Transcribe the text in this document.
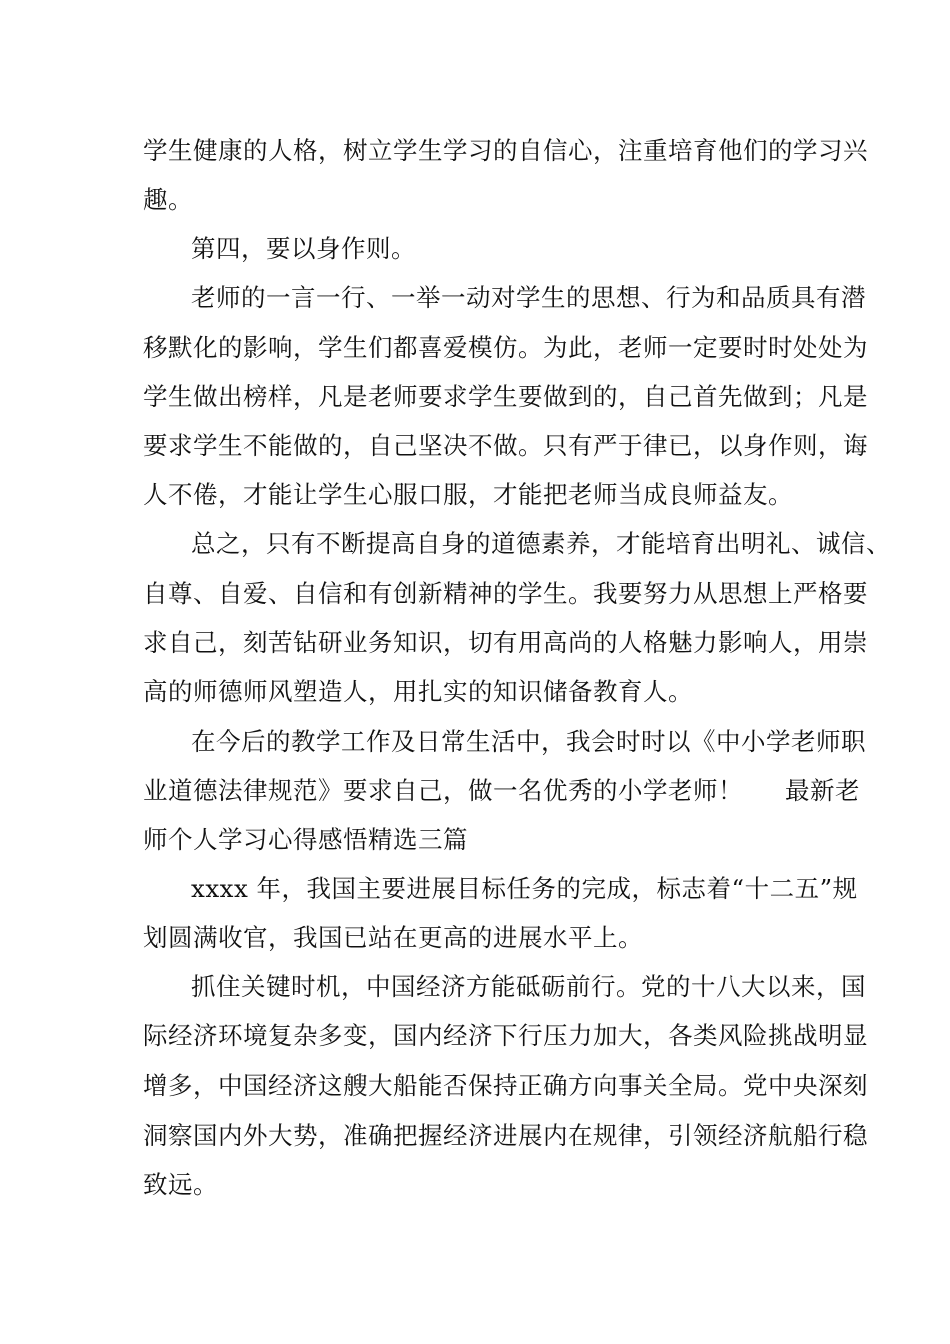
学生健康的人格，树立学生学习的自信心，注重培育他们的学习兴
趣。
第四，要以身作则。
老师的一言一行、一举一动对学生的思想、行为和品质具有潜
移默化的影响，学生们都喜爱模仿。为此，老师一定要时时处处为
学生做出榜样，凡是老师要求学生要做到的，自己首先做到；凡是
要求学生不能做的，自己坚决不做。只有严于律已，以身作则，诲
人不倦，才能让学生心服口服，才能把老师当成良师益友。
总之，只有不断提高自身的道德素养，才能培育出明礼、诚信、
自尊、自爱、自信和有创新精神的学生。我要努力从思想上严格要
求自己，刻苦钻研业务知识，切有用高尚的人格魅力影响人，用崇
高的师德师风塑造人，用扎实的知识储备教育人。
在今后的教学工作及日常生活中，我会时时以《中小学老师职
业道德法律规范》要求自己，做一名优秀的小学老师！ 最新老
师个人学习心得感悟精选三篇
xxxx 年，我国主要进展目标任务的完成，标志着“十二五”规
划圆满收官，我国已站在更高的进展水平上。
抓住关键时机，中国经济方能砥砺前行。党的十八大以来，国
际经济环境复杂多变，国内经济下行压力加大，各类风险挑战明显
增多，中国经济这艘大船能否保持正确方向事关全局。党中央深刻
洞察国内外大势，准确把握经济进展内在规律，引领经济航船行稳
致远。
